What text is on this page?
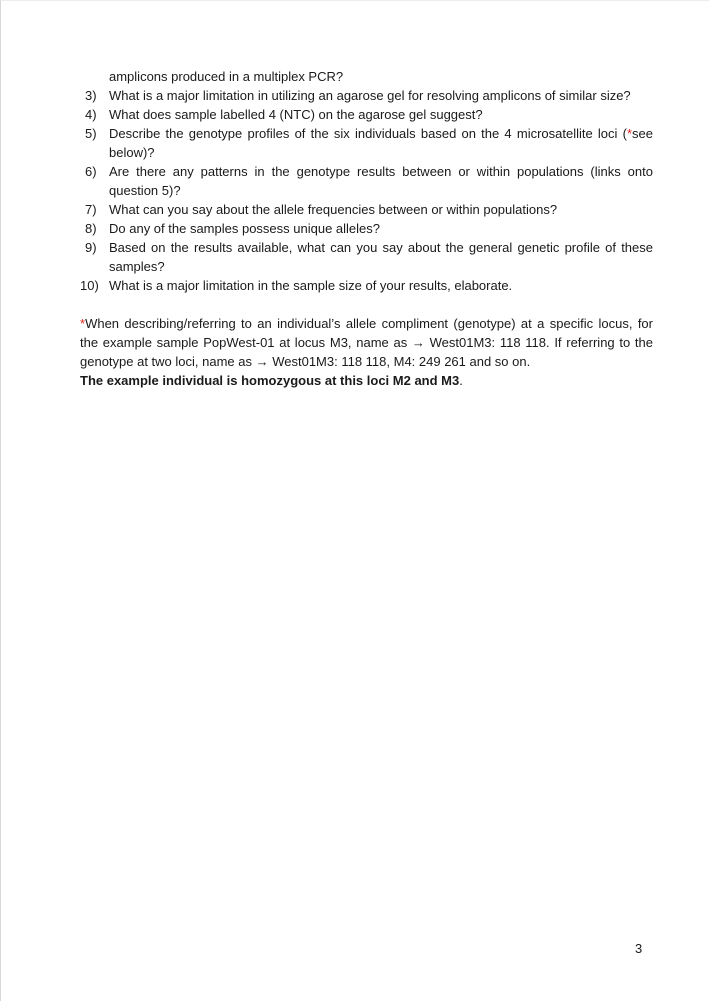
amplicons produced in a multiplex PCR?
3) What is a major limitation in utilizing an agarose gel for resolving amplicons of similar size?
4) What does sample labelled 4 (NTC) on the agarose gel suggest?
5) Describe the genotype profiles of the six individuals based on the 4 microsatellite loci (*see below)?
6) Are there any patterns in the genotype results between or within populations (links onto question 5)?
7) What can you say about the allele frequencies between or within populations?
8) Do any of the samples possess unique alleles?
9) Based on the results available, what can you say about the general genetic profile of these samples?
10) What is a major limitation in the sample size of your results, elaborate.

*When describing/referring to an individual’s allele compliment (genotype) at a specific locus, for the example sample PopWest-01 at locus M3, name as → West01M3: 118 118. If referring to the genotype at two loci, name as → West01M3: 118 118, M4: 249 261 and so on.
The example individual is homozygous at this loci M2 and M3.

3
